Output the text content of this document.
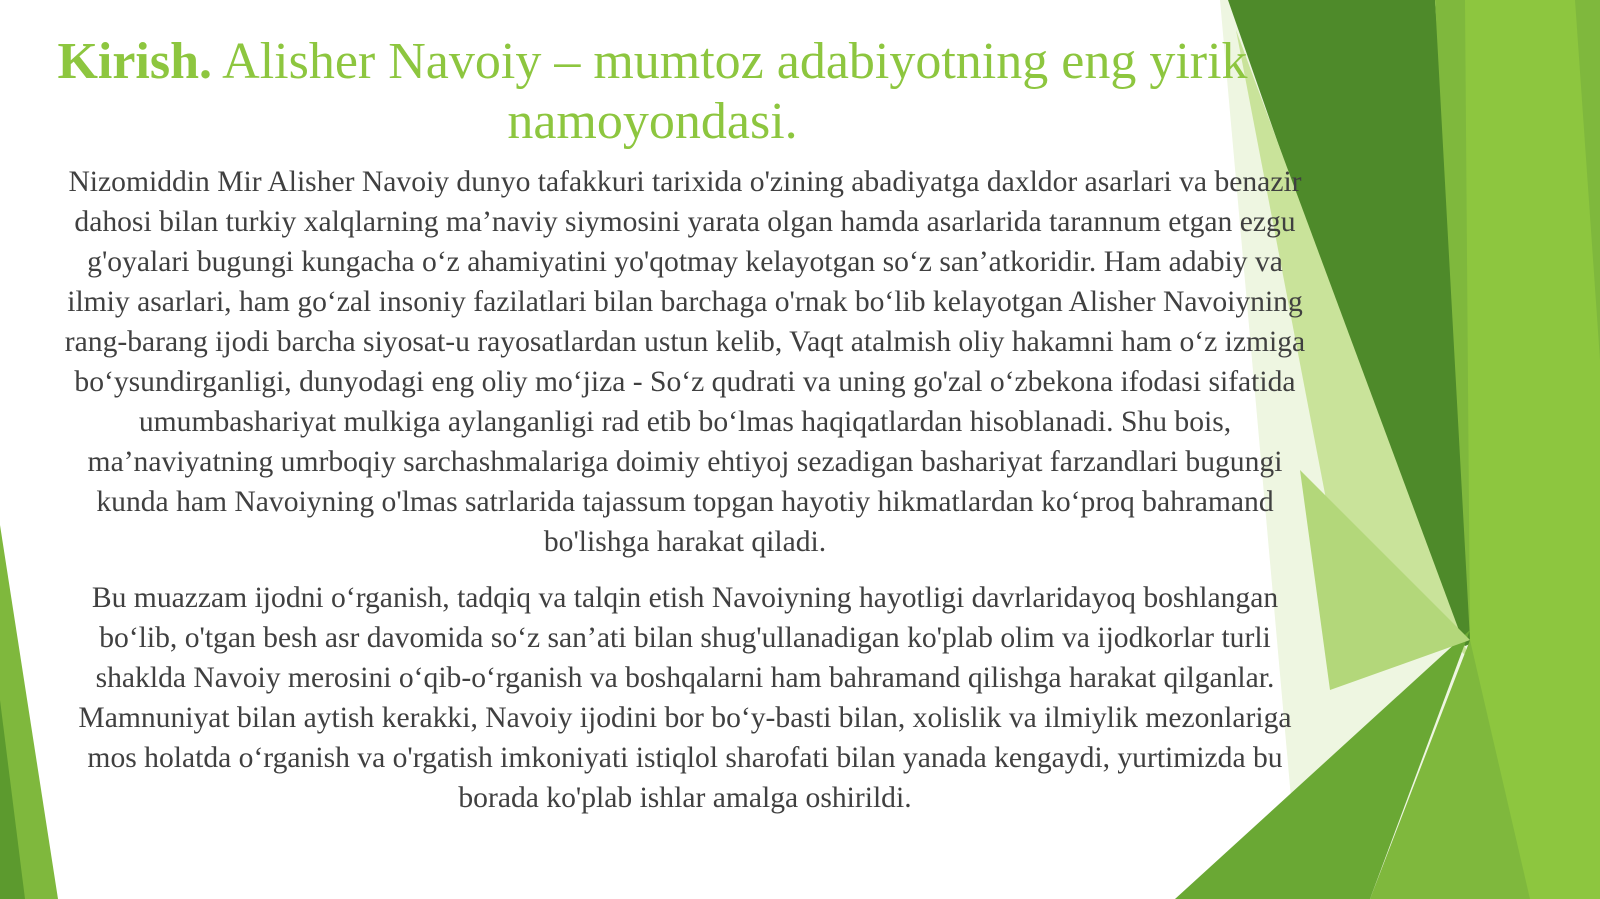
Kirish. Alisher Navoiy – mumtoz adabiyotning eng yirik namoyondasi.

Nizomiddin Mir Alisher Navoiy dunyo tafakkuri tarixida o'zining abadiyatga daxldor asarlari va benazir dahosi bilan turkiy xalqlarning ma’naviy siymosini yarata olgan hamda asarlarida tarannum etgan ezgu g'oyalari bugungi kungacha o‘z ahamiyatini yo'qotmay kelayotgan so‘z san’atkoridir. Ham adabiy va ilmiy asarlari, ham go‘zal insoniy fazilatlari bilan barchaga o'rnak bo‘lib kelayotgan Alisher Navoiyning rang-barang ijodi barcha siyosat-u rayosatlardan ustun kelib, Vaqt atalmish oliy hakamni ham o‘z izmiga bo‘ysundirganligi, dunyodagi eng oliy mo‘jiza - So‘z qudrati va uning go'zal o‘zbekona ifodasi sifatida umumbashariyat mulkiga aylanganligi rad etib bo‘lmas haqiqatlardan hisoblanadi. Shu bois, ma’naviyatning umrboqiy sarchashmalariga doimiy ehtiyoj sezadigan bashariyat farzandlari bugungi kunda ham Navoiyning o'lmas satrlarida tajassum topgan hayotiy hikmatlardan ko‘proq bahramand bo'lishga harakat qiladi.

Bu muazzam ijodni o‘rganish, tadqiq va talqin etish Navoiyning hayotligi davrlaridayoq boshlangan bo‘lib, o'tgan besh asr davomida so‘z san’ati bilan shug'ullanadigan ko'plab olim va ijodkorlar turli shaklda Navoiy merosini o‘qib-o‘rganish va boshqalarni ham bahramand qilishga harakat qilganlar. Mamnuniyat bilan aytish kerakki, Navoiy ijodini bor bo‘y-basti bilan, xolislik va ilmiylik mezonlariga mos holatda o‘rganish va o'rgatish imkoniyati istiqlol sharofati bilan yanada kengaydi, yurtimizda bu borada ko'plab ishlar amalga oshirildi.
